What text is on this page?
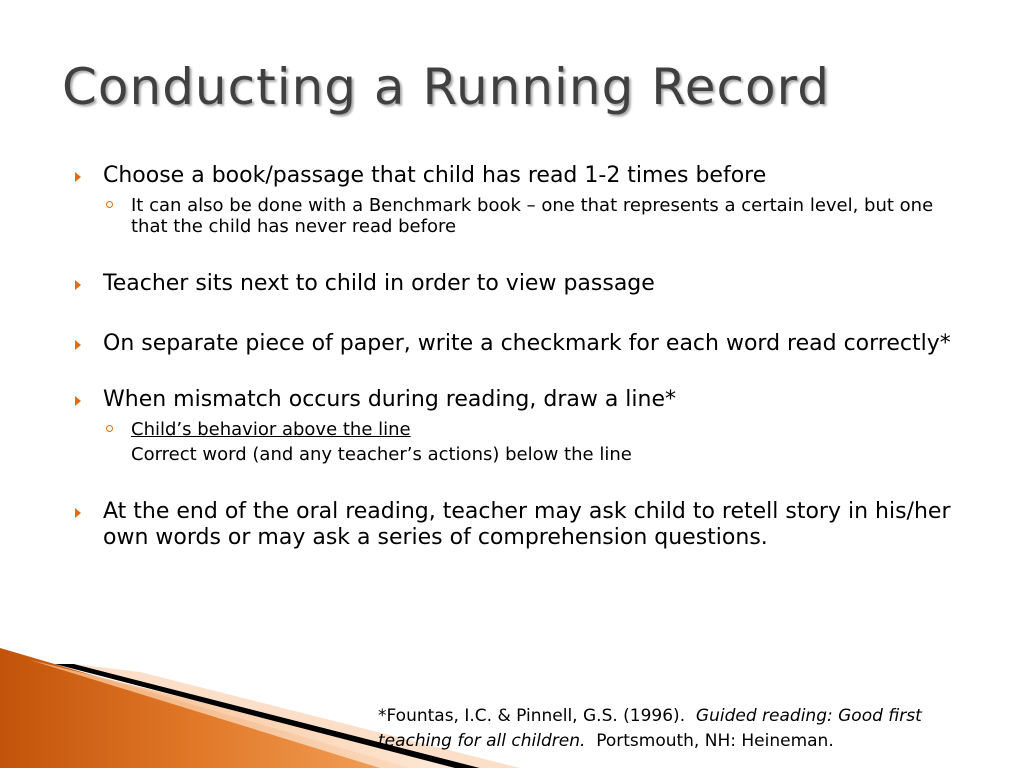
Conducting a Running Record
Choose a book/passage that child has read 1-2 times before
It can also be done with a Benchmark book – one that represents a certain level, but one that the child has never read before
Teacher sits next to child in order to view passage
On separate piece of paper, write a checkmark for each word read correctly*
When mismatch occurs during reading, draw a line*
Child’s behavior above the line
Correct word (and any teacher’s actions) below the line
At the end of the oral reading, teacher may ask child to retell story in his/her own words or may ask a series of comprehension questions.
*Fountas, I.C. & Pinnell, G.S. (1996). Guided reading: Good first teaching for all children. Portsmouth, NH: Heineman.
